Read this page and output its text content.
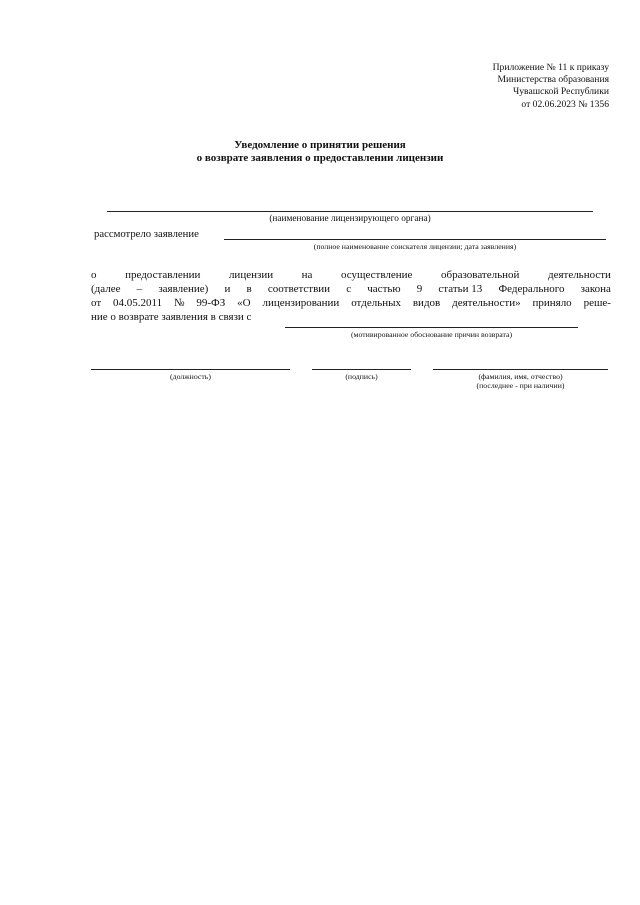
Приложение № 11 к приказу
Министерства образования
Чувашской Республики
от 02.06.2023 № 1356
Уведомление о принятии решения
о возврате заявления о предоставлении лицензии
(наименование лицензирующего органа)
рассмотрело заявление
(полное наименование соискателя лицензии; дата заявления)
о	предоставлении	лицензии	на	осуществление	образовательной	деятельности
(далее – заявление) и в соответствии с частью 9 статьи 13 Федерального закона
от 04.05.2011 № 99-ФЗ «О лицензировании отдельных видов деятельности» приняло реше-
ние о возврате заявления в связи с
(мотивированное обоснование причин возврата)
(должность)	(подпись)	(фамилия, имя, отчество)
(последнее - при наличии)
